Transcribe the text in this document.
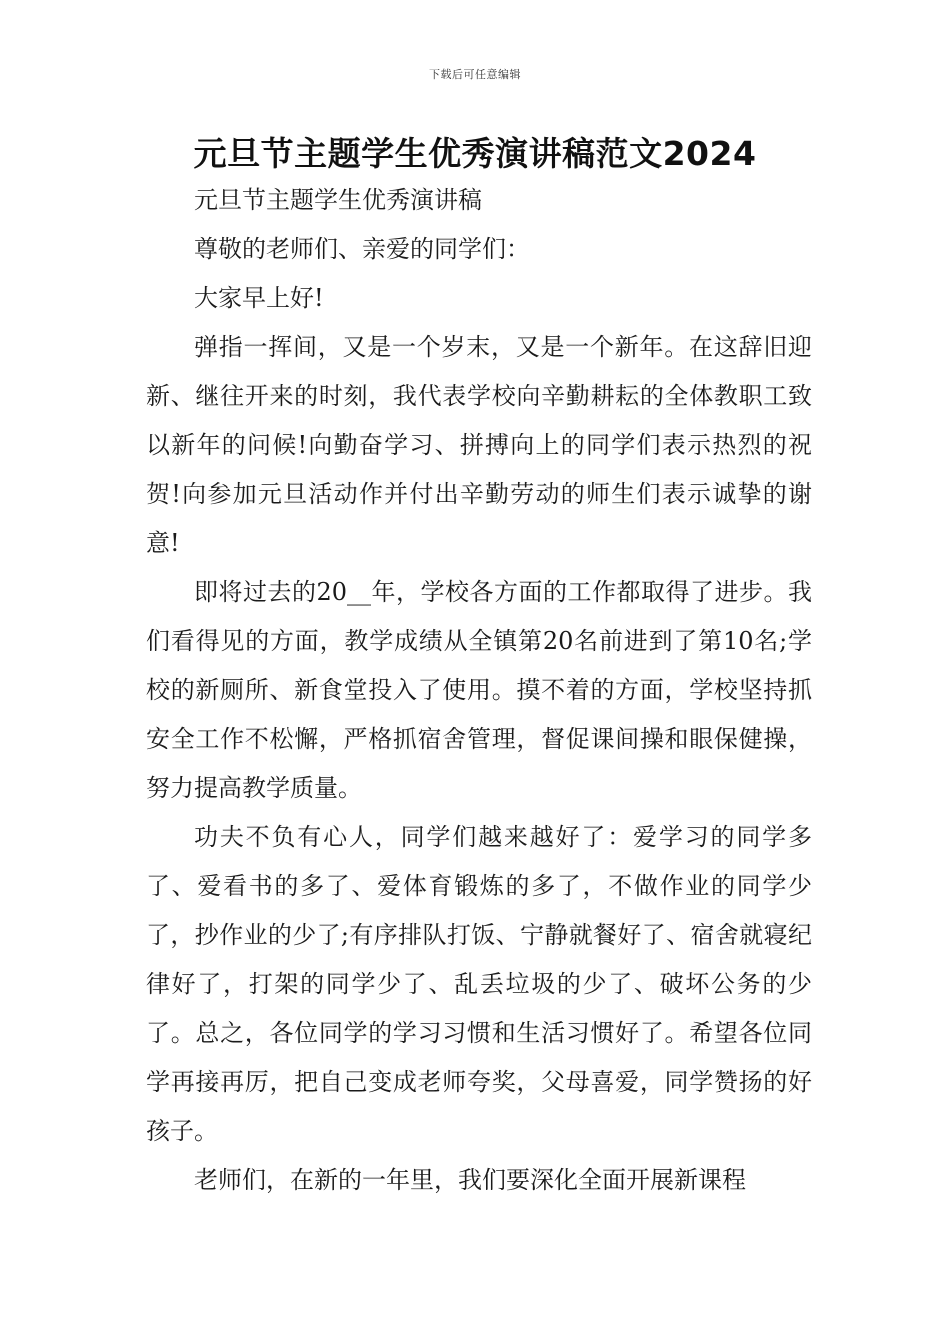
下载后可任意编辑
元旦节主题学生优秀演讲稿范文2024

元旦节主题学生优秀演讲稿

尊敬的老师们、亲爱的同学们：

大家早上好!

弹指一挥间，又是一个岁末，又是一个新年。在这辞旧迎新、继往开来的时刻，我代表学校向辛勤耕耘的全体教职工致以新年的问候!向勤奋学习、拼搏向上的同学们表示热烈的祝贺!向参加元旦活动作并付出辛勤劳动的师生们表示诚挚的谢意!

即将过去的20__年，学校各方面的工作都取得了进步。我们看得见的方面，教学成绩从全镇第20名前进到了第10名;学校的新厕所、新食堂投入了使用。摸不着的方面，学校坚持抓安全工作不松懈，严格抓宿舍管理，督促课间操和眼保健操，努力提高教学质量。

功夫不负有心人，同学们越来越好了：爱学习的同学多了、爱看书的多了、爱体育锻炼的多了，不做作业的同学少了，抄作业的少了;有序排队打饭、宁静就餐好了、宿舍就寝纪律好了，打架的同学少了、乱丢垃圾的少了、破坏公务的少了。总之，各位同学的学习习惯和生活习惯好了。希望各位同学再接再厉，把自己变成老师夸奖，父母喜爱，同学赞扬的好孩子。

老师们，在新的一年里，我们要深化全面开展新课程
